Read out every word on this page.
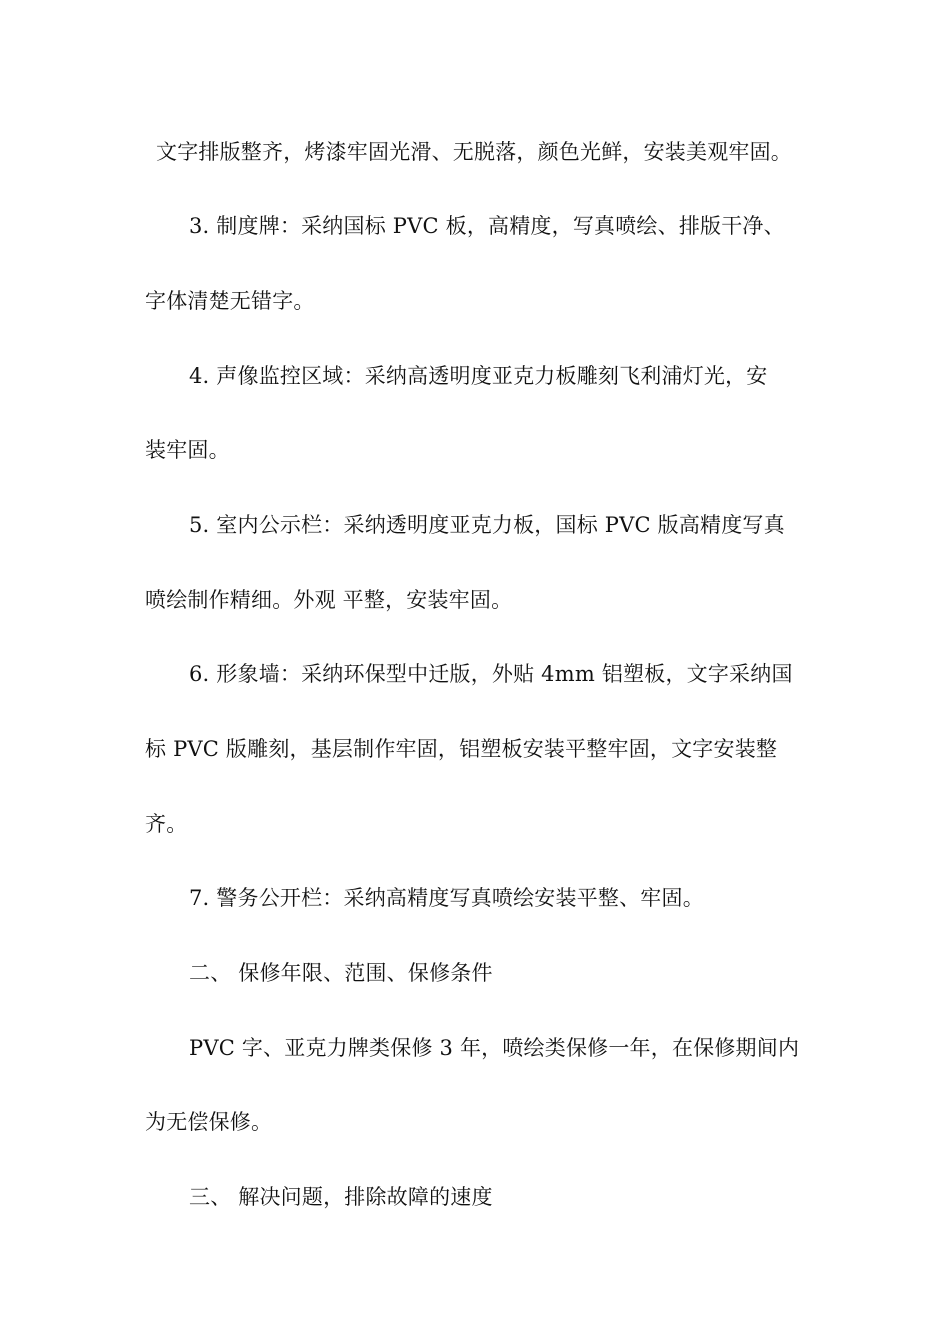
文字排版整齐，烤漆牢固光滑、无脱落，颜色光鲜，安装美观牢固。
3. 制度牌：采纳国标 PVC 板，高精度，写真喷绘、排版干净、
字体清楚无错字。
4. 声像监控区域：采纳高透明度亚克力板雕刻飞利浦灯光，安
装牢固。
5. 室内公示栏：采纳透明度亚克力板，国标 PVC 版高精度写真
喷绘制作精细。外观 平整，安装牢固。
6. 形象墙：采纳环保型中迁版，外贴 4mm 铝塑板，文字采纳国
标 PVC 版雕刻，基层制作牢固，铝塑板安装平整牢固，文字安装整
齐。
7. 警务公开栏：采纳高精度写真喷绘安装平整、牢固。
二、 保修年限、范围、保修条件
PVC 字、亚克力牌类保修 3 年，喷绘类保修一年，在保修期间内
为无偿保修。
三、 解决问题，排除故障的速度
